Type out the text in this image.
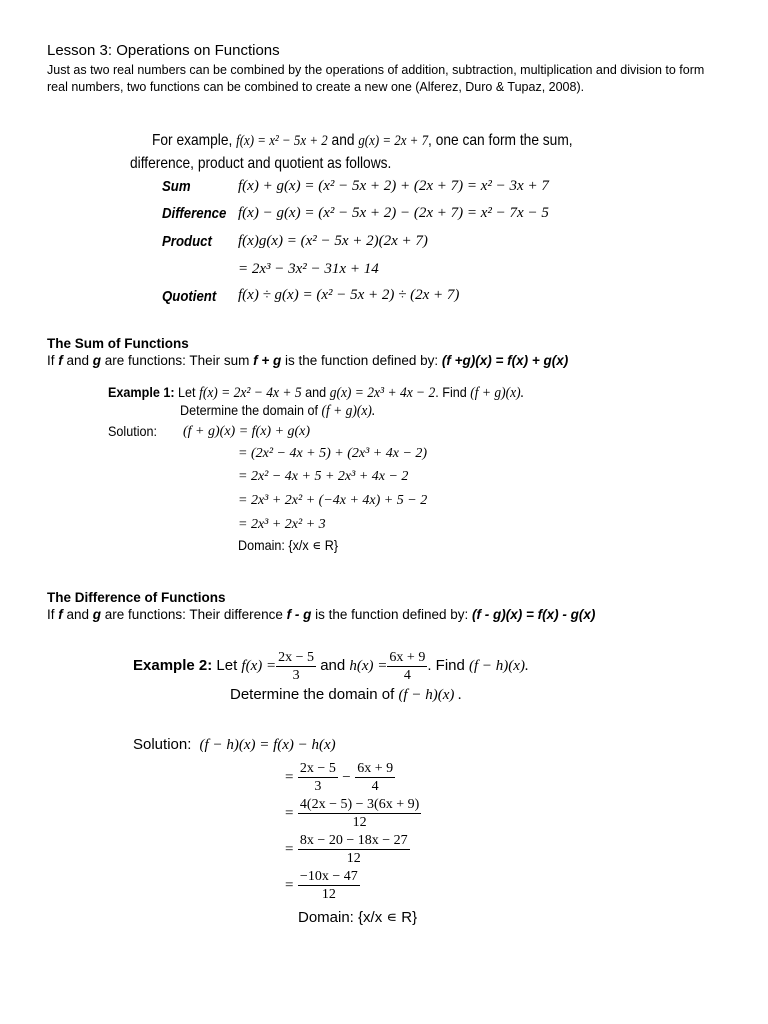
Lesson 3: Operations on Functions
Just as two real numbers can be combined by the operations of addition, subtraction, multiplication and division to form real numbers, two functions can be combined to create a new one (Alferez, Duro & Tupaz, 2008).
For example, f(x) = x² − 5x + 2 and g(x) = 2x + 7, one can form the sum,
difference, product and quotient as follows.
Sum	f(x) + g(x) = (x² − 5x + 2) + (2x + 7) = x² − 3x + 7
Difference f(x) − g(x) = (x² − 5x + 2) − (2x + 7) = x² − 7x − 5
Product f(x)g(x) = (x² − 5x + 2)(2x + 7)
= 2x³ − 3x² − 31x + 14
Quotient f(x) ÷ g(x) = (x² − 5x + 2) ÷ (2x + 7)
The Sum of Functions
If f and g are functions: Their sum f + g is the function defined by: (f +g)(x) = f(x) + g(x)
Example 1: Let f(x) = 2x² − 4x + 5 and g(x) = 2x³ + 4x − 2. Find (f + g)(x).
Determine the domain of (f + g)(x).
Solution: (f + g)(x) = f(x) + g(x)
= (2x² − 4x + 5) + (2x³ + 4x − 2)
= 2x² − 4x + 5 + 2x³ + 4x − 2
= 2x³ + 2x² + (−4x + 4x) + 5 − 2
= 2x³ + 2x² + 3
Domain: {x/x ∊ R}
The Difference of Functions
If f and g are functions: Their difference f - g is the function defined by: (f - g)(x) = f(x) - g(x)
Example 2: Let $f(x) = \frac{2x - 5}{3}$ and $h(x) = \frac{6x + 9}{4}$ . Find (f − h)(x).
Determine the domain of (f − h)(x) .
Solution: (f − h)(x) = f(x) − h(x)
= $\frac{2x - 5}{3} - \frac{6x + 9}{4}$
= $\frac{4(2x - 5) - 3(6x + 9)}{12}$
= $\frac{8x - 20 - 18x - 27}{12}$
= $\frac{-10x - 47}{12}$
Domain: {x/x ∊ R}
